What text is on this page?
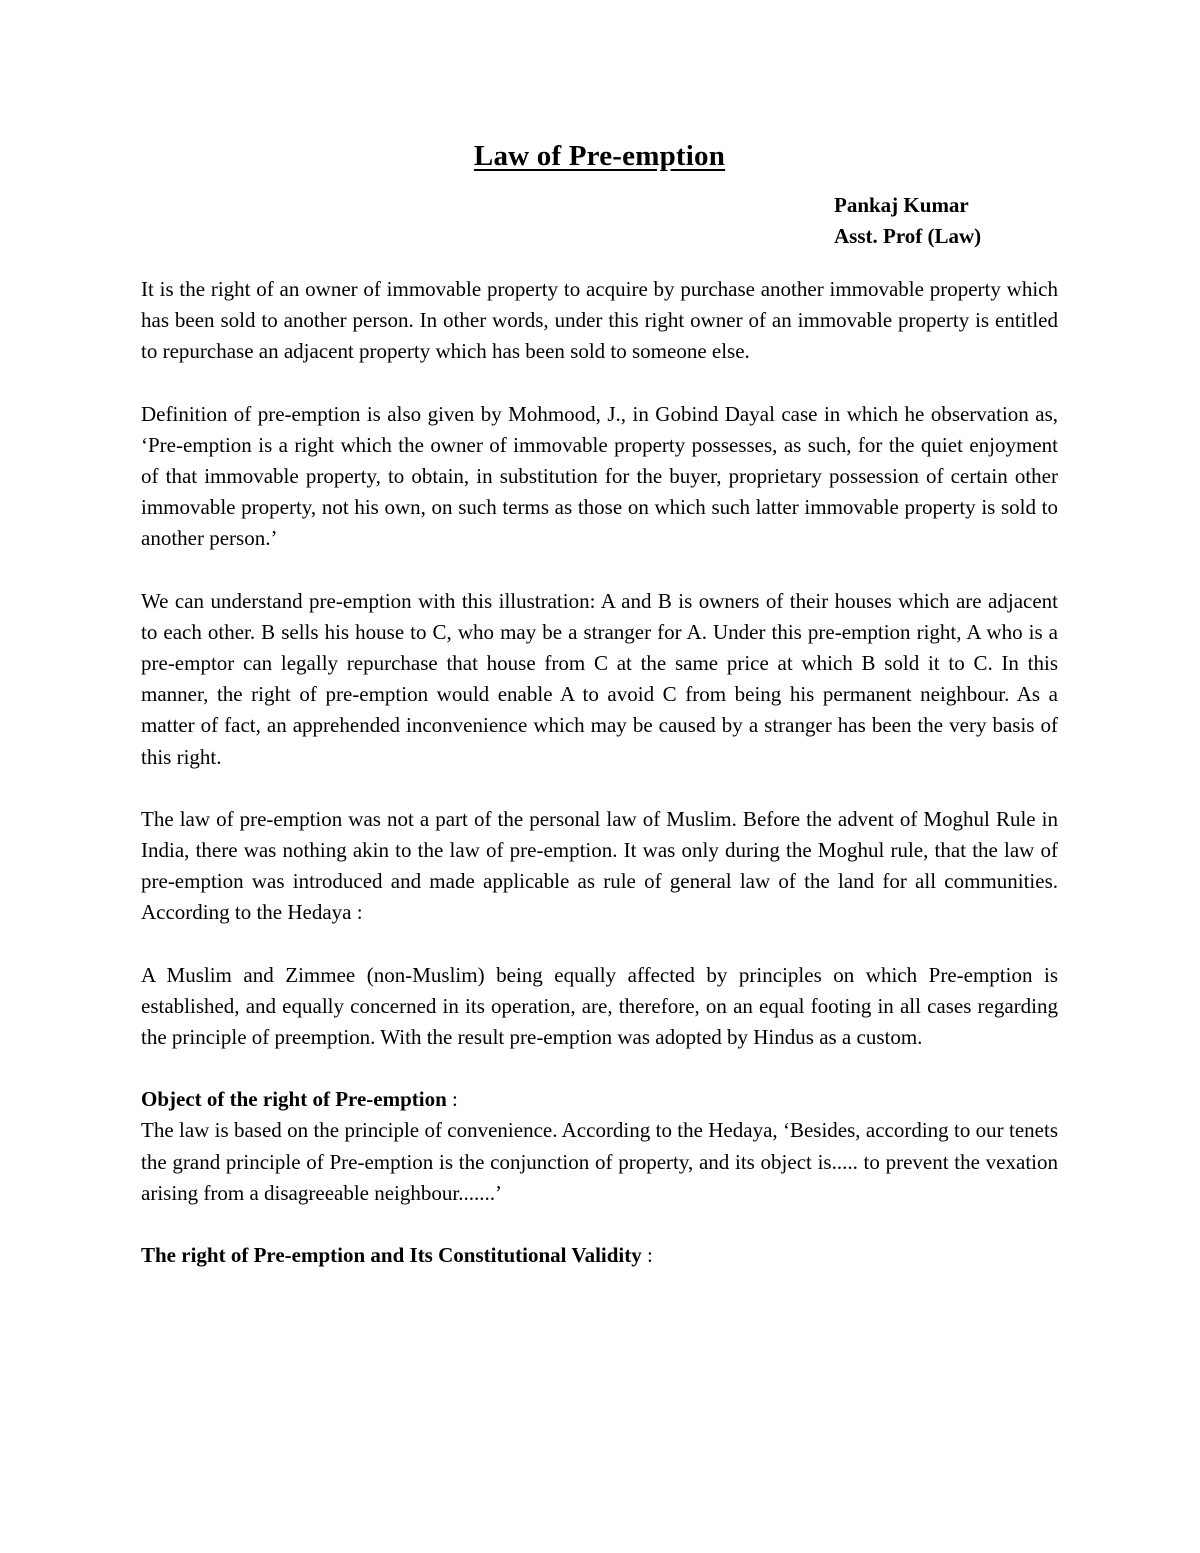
Law of Pre-emption
Pankaj Kumar
Asst. Prof (Law)

It is the right of an owner of immovable property to acquire by purchase another immovable property which has been sold to another person. In other words, under this right owner of an immovable property is entitled to repurchase an adjacent property which has been sold to someone else.

Definition of pre-emption is also given by Mohmood, J., in Gobind Dayal case in which he observation as, ‘Pre-emption is a right which the owner of immovable property possesses, as such, for the quiet enjoyment of that immovable property, to obtain, in substitution for the buyer, proprietary possession of certain other immovable property, not his own, on such terms as those on which such latter immovable property is sold to another person.’

We can understand pre-emption with this illustration: A and B is owners of their houses which are adjacent to each other. B sells his house to C, who may be a stranger for A. Under this pre-emption right, A who is a pre-emptor can legally repurchase that house from C at the same price at which B sold it to C. In this manner, the right of pre-emption would enable A to avoid C from being his permanent neighbour. As a matter of fact, an apprehended inconvenience which may be caused by a stranger has been the very basis of this right.

The law of pre-emption was not a part of the personal law of Muslim. Before the advent of Moghul Rule in India, there was nothing akin to the law of pre-emption. It was only during the Moghul rule, that the law of pre-emption was introduced and made applicable as rule of general law of the land for all communities. According to the Hedaya :

A Muslim and Zimmee (non-Muslim) being equally affected by principles on which Pre-emption is established, and equally concerned in its operation, are, therefore, on an equal footing in all cases regarding the principle of preemption. With the result pre-emption was adopted by Hindus as a custom.

Object of the right of Pre-emption :

The law is based on the principle of convenience. According to the Hedaya, ‘Besides, according to our tenets the grand principle of Pre-emption is the conjunction of property, and its object is..... to prevent the vexation arising from a disagreeable neighbour.......’

The right of Pre-emption and Its Constitutional Validity :
